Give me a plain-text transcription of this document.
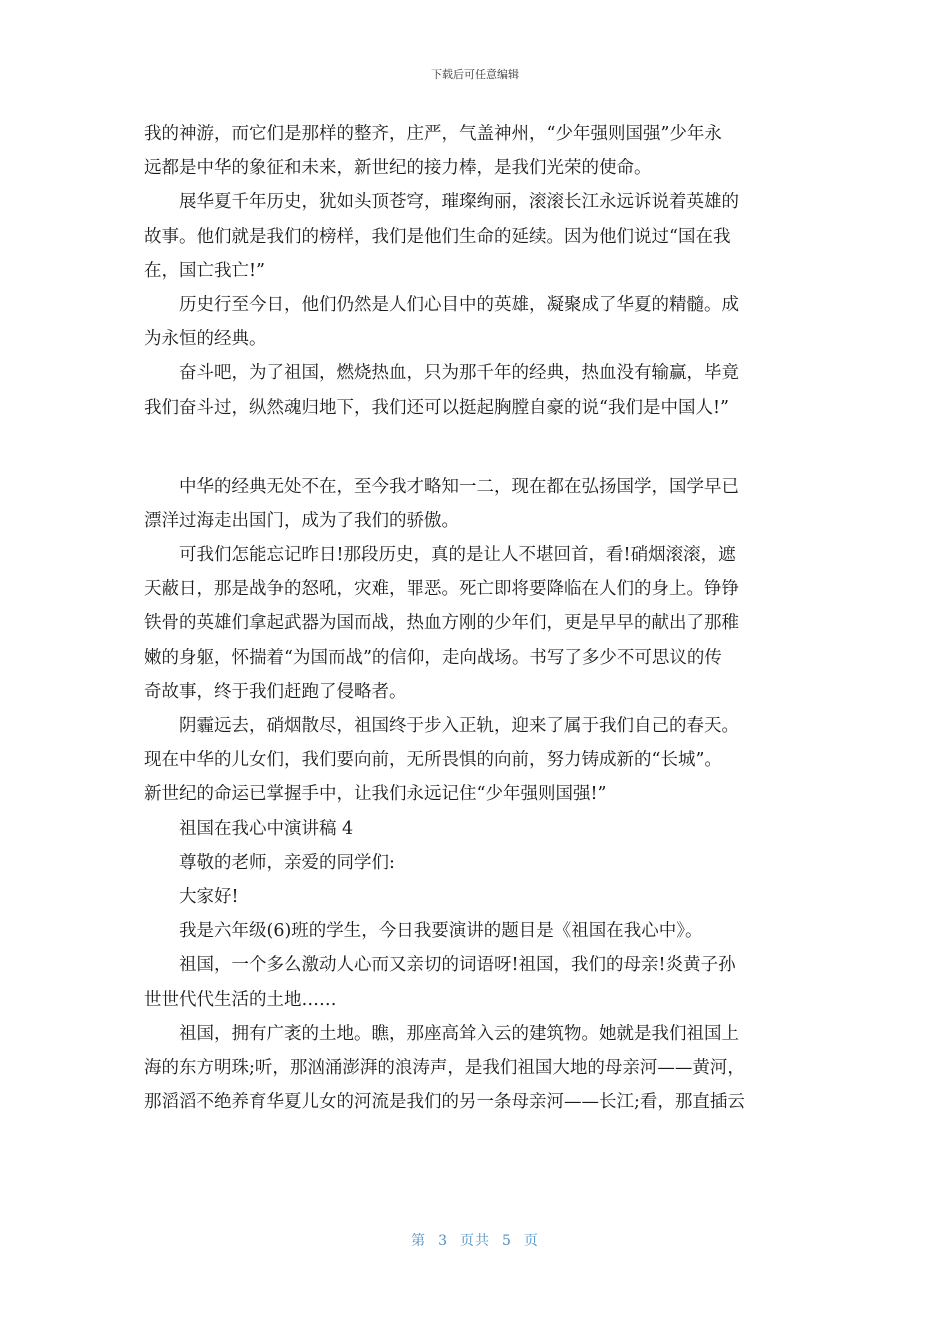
下载后可任意编辑
我的神游，而它们是那样的整齐，庄严，气盖神州，“少年强则国强”少年永
远都是中华的象征和未来，新世纪的接力棒，是我们光荣的使命。
展华夏千年历史，犹如头顶苍穹，璀璨绚丽，滚滚长江永远诉说着英雄的
故事。他们就是我们的榜样，我们是他们生命的延续。因为他们说过“国在我
在，国亡我亡!”
历史行至今日，他们仍然是人们心目中的英雄，凝聚成了华夏的精髓。成
为永恒的经典。
奋斗吧，为了祖国，燃烧热血，只为那千年的经典，热血没有输赢，毕竟
我们奋斗过，纵然魂归地下，我们还可以挺起胸膛自豪的说“我们是中国人!”
中华的经典无处不在，至今我才略知一二，现在都在弘扬国学，国学早已
漂洋过海走出国门，成为了我们的骄傲。
可我们怎能忘记昨日!那段历史，真的是让人不堪回首，看!硝烟滚滚，遮
天蔽日，那是战争的怒吼，灾难，罪恶。死亡即将要降临在人们的身上。铮铮
铁骨的英雄们拿起武器为国而战，热血方刚的少年们，更是早早的献出了那稚
嫩的身躯，怀揣着“为国而战”的信仰，走向战场。书写了多少不可思议的传
奇故事，终于我们赶跑了侵略者。
阴霾远去，硝烟散尽，祖国终于步入正轨，迎来了属于我们自己的春天。
现在中华的儿女们，我们要向前，无所畏惧的向前，努力铸成新的“长城”。
新世纪的命运已掌握手中，让我们永远记住“少年强则国强!”
祖国在我心中演讲稿 4
尊敬的老师，亲爱的同学们:
大家好!
我是六年级(6)班的学生，今日我要演讲的题目是《祖国在我心中》。
祖国，一个多么激动人心而又亲切的词语呀!祖国，我们的母亲!炎黄子孙
世世代代生活的土地……
祖国，拥有广袤的土地。瞧，那座高耸入云的建筑物。她就是我们祖国上
海的东方明珠;听，那汹涌澎湃的浪涛声，是我们祖国大地的母亲河——黄河，
那滔滔不绝养育华夏儿女的河流是我们的另一条母亲河——长江;看，那直插云
第 3 页共 5 页
